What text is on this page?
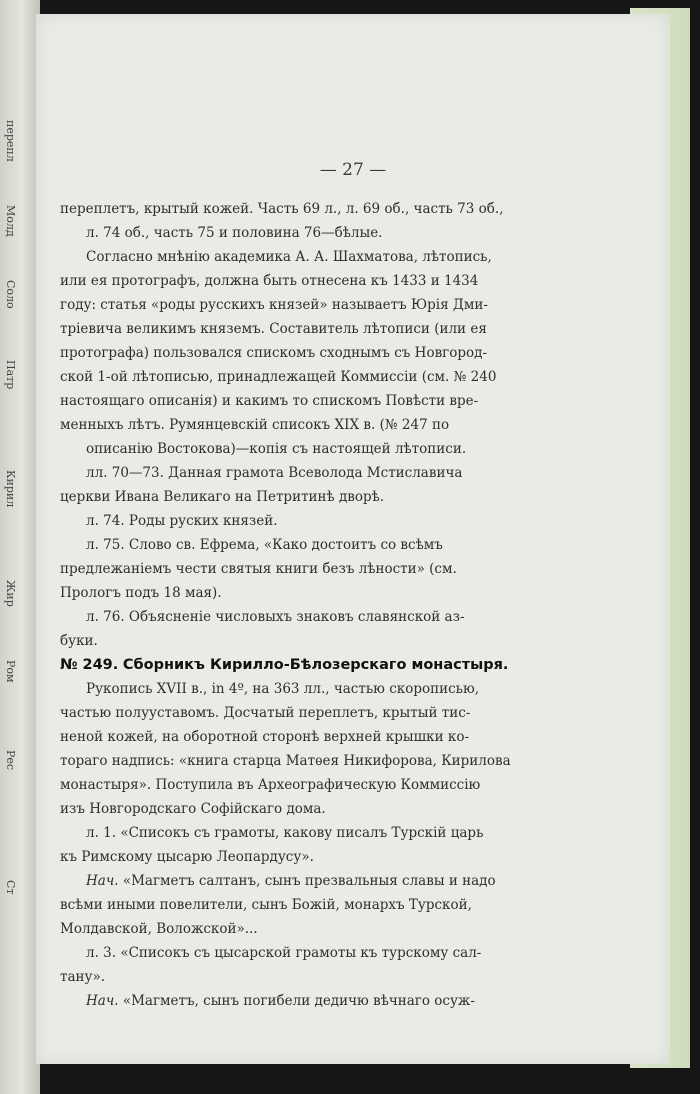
перепл
Молд
Соло
Патр
Кирил
Жир
Ром
Рес
Ст
— 27 —
переплетъ, крытый кожей. Часть 69 л., л. 69 об., часть 73 об.,
л. 74 об., часть 75 и половина 76—бѣлые.
Согласно мнѣнію академика А. А. Шахматова, лѣтопись,
или ея протографъ, должна быть отнесена къ 1433 и 1434
году: статья «роды русскихъ князей» называетъ Юрія Дми-
тріевича великимъ княземъ. Составитель лѣтописи (или ея
протографа) пользовался спискомъ сходнымъ съ Новгород-
ской 1-ой лѣтописью, принадлежащей Коммиссіи (см. № 240
настоящаго описанія) и какимъ то спискомъ Повѣсти вре-
менныхъ лѣтъ. Румянцевскій списокъ XIX в. (№ 247 по
описанію Востокова)—копія съ настоящей лѣтописи.
лл. 70—73. Данная грамота Всеволода Мстиславича
церкви Ивана Великаго на Петритинѣ дворѣ.
л. 74. Роды руских князей.
л. 75. Слово св. Ефрема, «Како достоитъ со всѣмъ
предлежаніемъ чести святыя книги безъ лѣности» (см.
Прологъ подъ 18 мая).
л. 76. Объясненіе числовыхъ знаковъ славянской аз-
буки.
№ 249. Сборникъ Кирилло-Бѣлозерскаго монастыря.
Рукопись XVII в., in 4º, на 363 лл., частью скорописью,
частью полууставомъ. Досчатый переплетъ, крытый тис-
неной кожей, на оборотной сторонѣ верхней крышки ко-
тораго надпись: «книга старца Матѳея Никифорова, Кирилова
монастыря». Поступила въ Археографическую Коммиссію
изъ Новгородскаго Софійскаго дома.
л. 1. «Списокъ съ грамоты, какову писалъ Турскій царь
къ Римскому цысарю Леопардусу».
Нач. «Магметъ салтанъ, сынъ презвальныя славы и надо
всѣми иными повелители, сынъ Божій, монархъ Турской,
Молдавской, Воложской»...
л. 3. «Списокъ съ цысарской грамоты къ турскому сал-
тану».
Нач. «Магметъ, сынъ погибели дедичю вѣчнаго осуж-
